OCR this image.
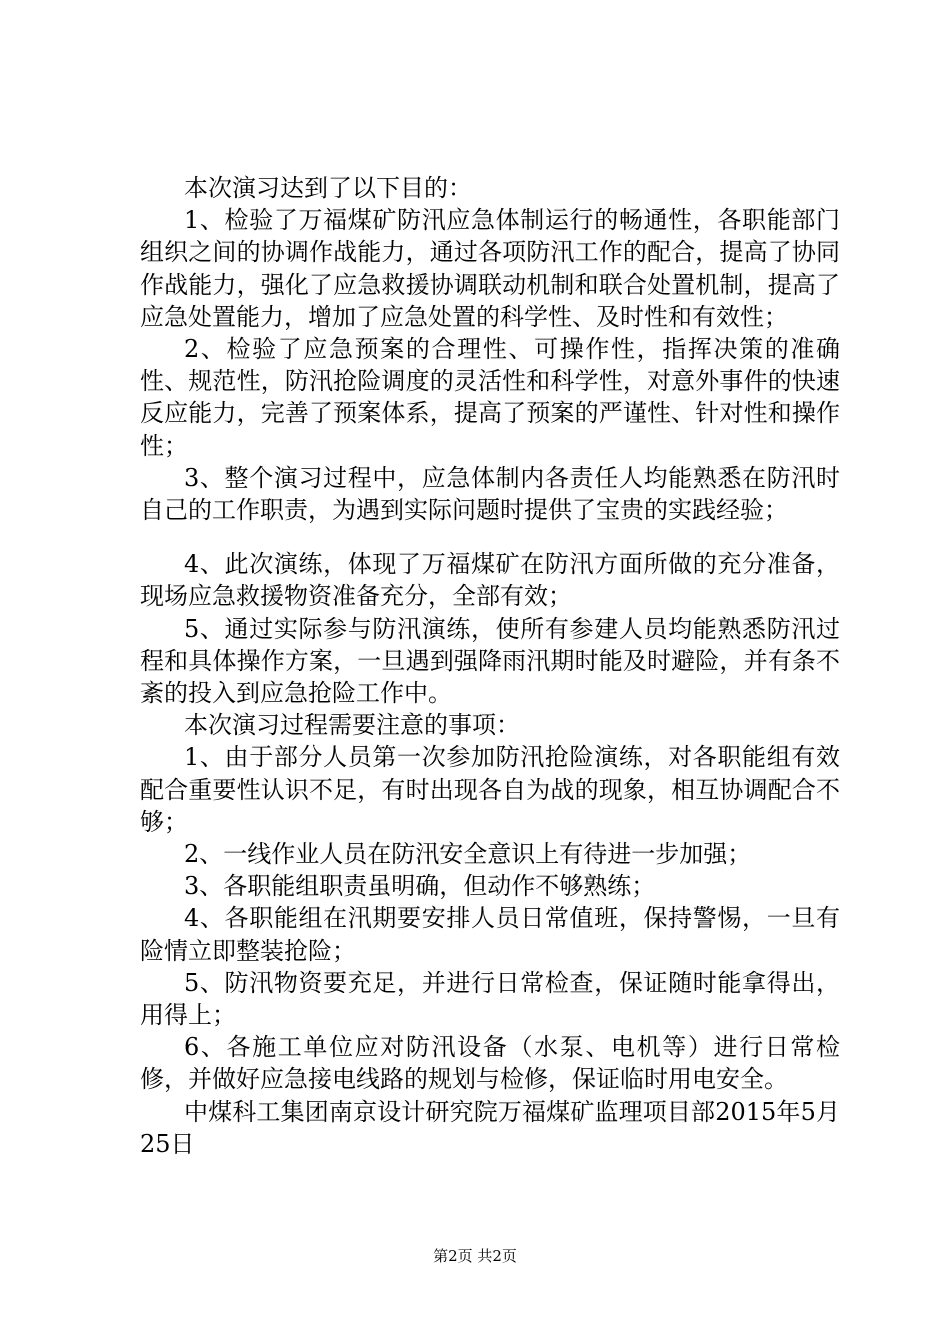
本次演习达到了以下目的：

1、检验了万福煤矿防汛应急体制运行的畅通性，各职能部门组织之间的协调作战能力，通过各项防汛工作的配合，提高了协同作战能力，强化了应急救援协调联动机制和联合处置机制，提高了应急处置能力，增加了应急处置的科学性、及时性和有效性；

2、检验了应急预案的合理性、可操作性，指挥决策的准确性、规范性，防汛抢险调度的灵活性和科学性，对意外事件的快速反应能力，完善了预案体系，提高了预案的严谨性、针对性和操作性；

3、整个演习过程中，应急体制内各责任人均能熟悉在防汛时自己的工作职责，为遇到实际问题时提供了宝贵的实践经验；

4、此次演练，体现了万福煤矿在防汛方面所做的充分准备，现场应急救援物资准备充分，全部有效；

5、通过实际参与防汛演练，使所有参建人员均能熟悉防汛过程和具体操作方案，一旦遇到强降雨汛期时能及时避险，并有条不紊的投入到应急抢险工作中。

本次演习过程需要注意的事项：

1、由于部分人员第一次参加防汛抢险演练，对各职能组有效配合重要性认识不足，有时出现各自为战的现象，相互协调配合不够；

2、一线作业人员在防汛安全意识上有待进一步加强；

3、各职能组职责虽明确，但动作不够熟练；

4、各职能组在汛期要安排人员日常值班，保持警惕，一旦有险情立即整装抢险；

5、防汛物资要充足，并进行日常检查，保证随时能拿得出，用得上；

6、各施工单位应对防汛设备（水泵、电机等）进行日常检修，并做好应急接电线路的规划与检修，保证临时用电安全。

中煤科工集团南京设计研究院万福煤矿监理项目部2015年5月25日

第2页 共2页
